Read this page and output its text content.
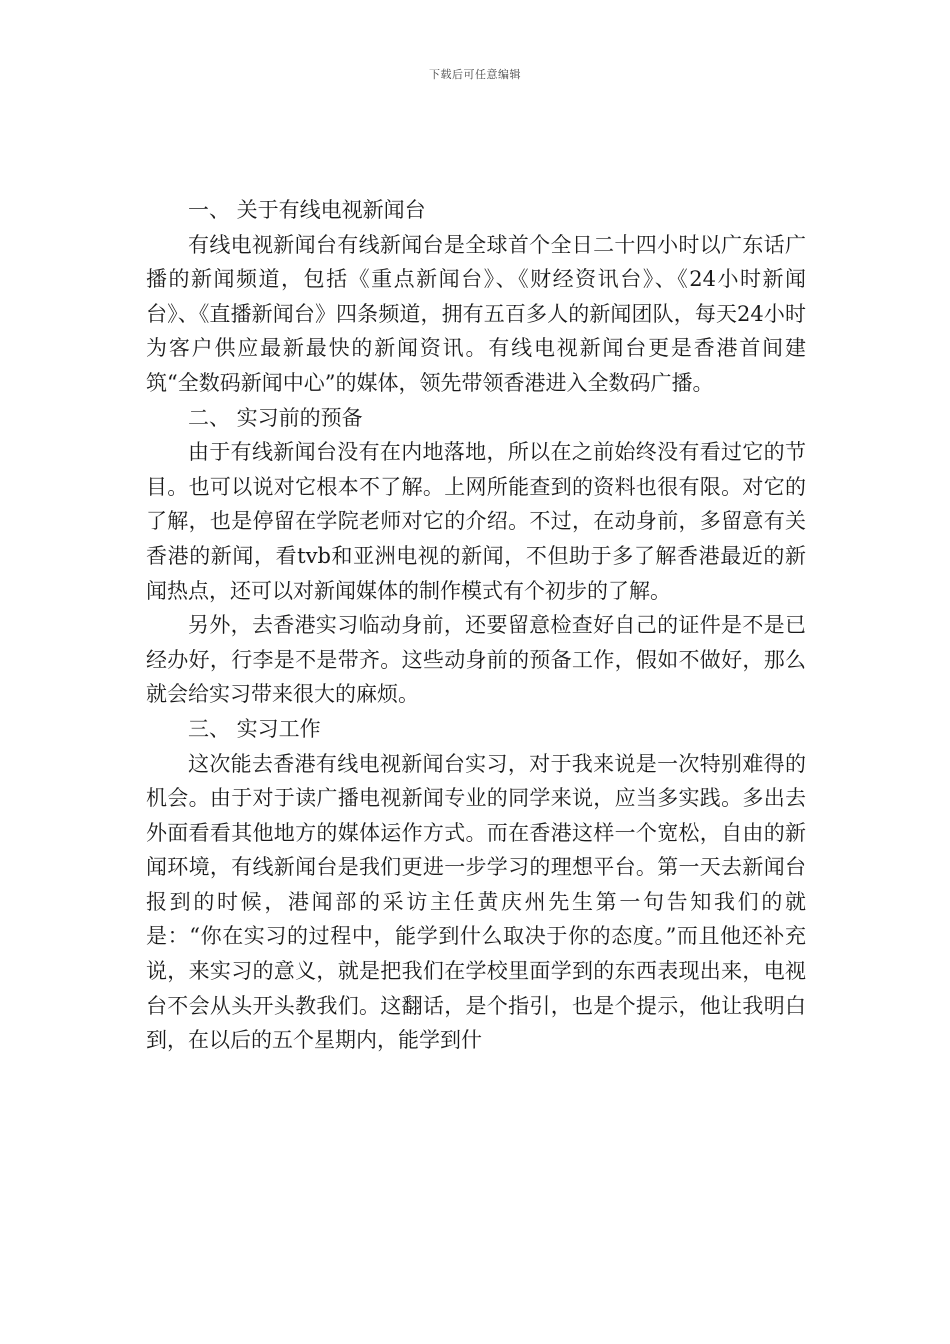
下载后可任意编辑

一、 关于有线电视新闻台

有线电视新闻台有线新闻台是全球首个全日二十四小时以广东话广播的新闻频道，包括《重点新闻台》、《财经资讯台》、《24小时新闻台》、《直播新闻台》四条频道，拥有五百多人的新闻团队，每天24小时为客户供应最新最快的新闻资讯。有线电视新闻台更是香港首间建筑“全数码新闻中心”的媒体，领先带领香港进入全数码广播。

二、 实习前的预备

由于有线新闻台没有在内地落地，所以在之前始终没有看过它的节目。也可以说对它根本不了解。上网所能查到的资料也很有限。对它的了解，也是停留在学院老师对它的介绍。不过，在动身前，多留意有关香港的新闻，看tvb和亚洲电视的新闻，不但助于多了解香港最近的新闻热点，还可以对新闻媒体的制作模式有个初步的了解。

另外，去香港实习临动身前，还要留意检查好自己的证件是不是已经办好，行李是不是带齐。这些动身前的预备工作，假如不做好，那么就会给实习带来很大的麻烦。

三、 实习工作

这次能去香港有线电视新闻台实习，对于我来说是一次特别难得的机会。由于对于读广播电视新闻专业的同学来说，应当多实践。多出去外面看看其他地方的媒体运作方式。而在香港这样一个宽松，自由的新闻环境，有线新闻台是我们更进一步学习的理想平台。第一天去新闻台报到的时候，港闻部的采访主任黄庆州先生第一句告知我们的就是：“你在实习的过程中，能学到什么取决于你的态度。”而且他还补充说，来实习的意义，就是把我们在学校里面学到的东西表现出来，电视台不会从头开头教我们。这翻话，是个指引，也是个提示，他让我明白到，在以后的五个星期内，能学到什
